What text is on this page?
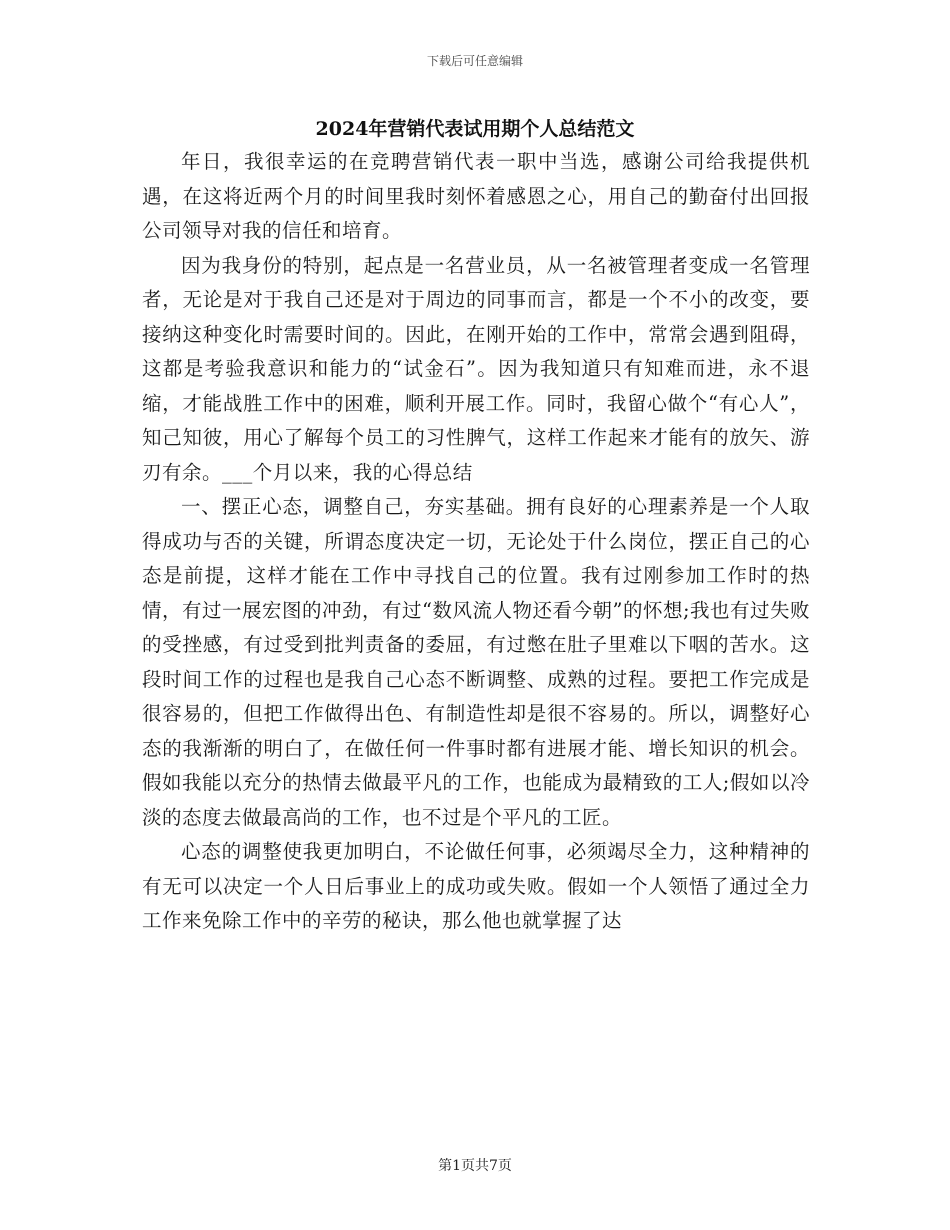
下载后可任意编辑
2024年营销代表试用期个人总结范文

年日，我很幸运的在竞聘营销代表一职中当选，感谢公司给我提供机遇，在这将近两个月的时间里我时刻怀着感恩之心，用自己的勤奋付出回报公司领导对我的信任和培育。

因为我身份的特别，起点是一名营业员，从一名被管理者变成一名管理者，无论是对于我自己还是对于周边的同事而言，都是一个不小的改变，要接纳这种变化时需要时间的。因此，在刚开始的工作中，常常会遇到阻碍，这都是考验我意识和能力的“试金石”。因为我知道只有知难而进，永不退缩，才能战胜工作中的困难，顺利开展工作。同时，我留心做个“有心人”，知己知彼，用心了解每个员工的习性脾气，这样工作起来才能有的放矢、游刃有余。___个月以来，我的心得总结

一、摆正心态，调整自己，夯实基础。拥有良好的心理素养是一个人取得成功与否的关键，所谓态度决定一切，无论处于什么岗位，摆正自己的心态是前提，这样才能在工作中寻找自己的位置。我有过刚参加工作时的热情，有过一展宏图的冲劲，有过“数风流人物还看今朝”的怀想;我也有过失败的受挫感，有过受到批判责备的委屈，有过憋在肚子里难以下咽的苦水。这段时间工作的过程也是我自己心态不断调整、成熟的过程。要把工作完成是很容易的，但把工作做得出色、有制造性却是很不容易的。所以，调整好心态的我渐渐的明白了，在做任何一件事时都有进展才能、增长知识的机会。假如我能以充分的热情去做最平凡的工作，也能成为最精致的工人;假如以冷淡的态度去做最高尚的工作，也不过是个平凡的工匠。

心态的调整使我更加明白，不论做任何事，必须竭尽全力，这种精神的有无可以决定一个人日后事业上的成功或失败。假如一个人领悟了通过全力工作来免除工作中的辛劳的秘诀，那么他也就掌握了达

第1页共7页
